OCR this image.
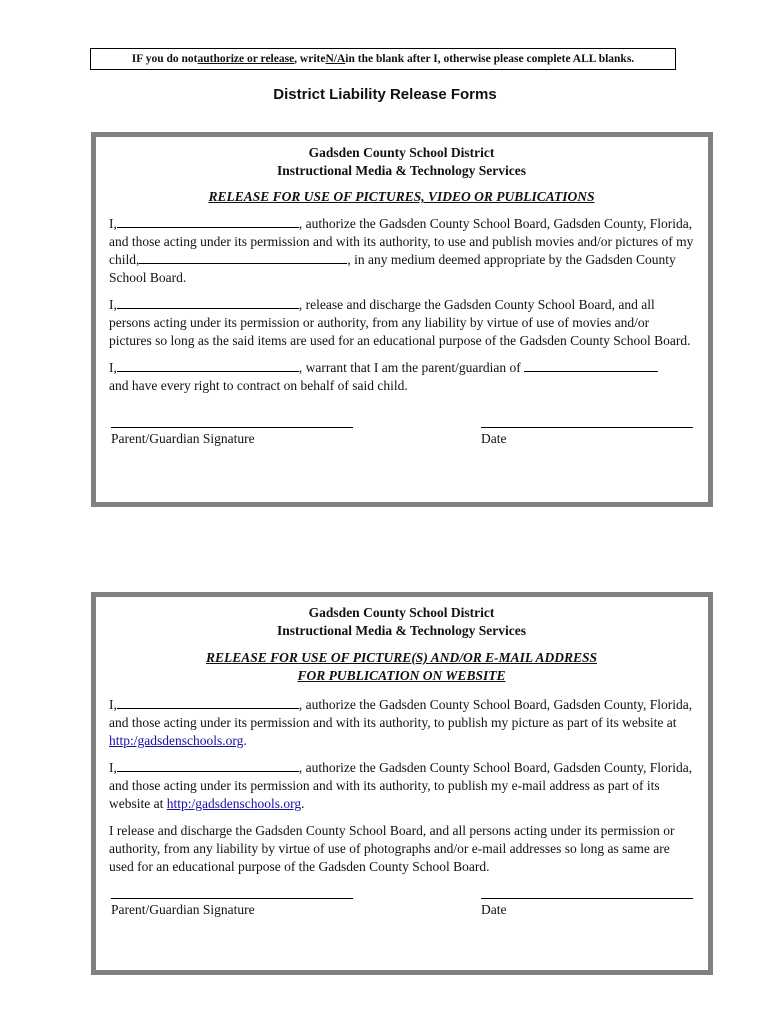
IF you do not authorize or release , write N/A in the blank after I, otherwise please complete ALL blanks.
District Liability Release Forms
Gadsden County School District
Instructional Media & Technology Services
RELEASE FOR USE OF PICTURES, VIDEO OR PUBLICATIONS

I,	, authorize the Gadsden County School Board, Gadsden County, Florida, and those acting under its permission and with its authority, to use and publish movies and/or pictures of my child,	, in any medium deemed appropriate by the Gadsden County School Board.

I,	, release and discharge the Gadsden County School Board, and all persons acting under its permission or authority, from any liability by virtue of use of movies and/or pictures so long as the said items are used for an educational purpose of the Gadsden County School Board.

I,	, warrant that I am the parent/guardian of
and have every right to contract on behalf of said child.

Parent/Guardian Signature	Date
Gadsden County School District
Instructional Media & Technology Services
RELEASE FOR USE OF PICTURE(S) AND/OR E-MAIL ADDRESS
FOR PUBLICATION ON WEBSITE

I,	, authorize the Gadsden County School Board, Gadsden County, Florida, and those acting under its permission and with its authority, to publish my picture as part of its website at http:/gadsdenschools.org.

I,	, authorize the Gadsden County School Board, Gadsden County, Florida, and those acting under its permission and with its authority, to publish my e-mail address as part of its website at http:/gadsdenschools.org.

I release and discharge the Gadsden County School Board, and all persons acting under its permission or authority, from any liability by virtue of use of photographs and/or e-mail addresses so long as same are used for an educational purpose of the Gadsden County School Board.

Parent/Guardian Signature	Date
